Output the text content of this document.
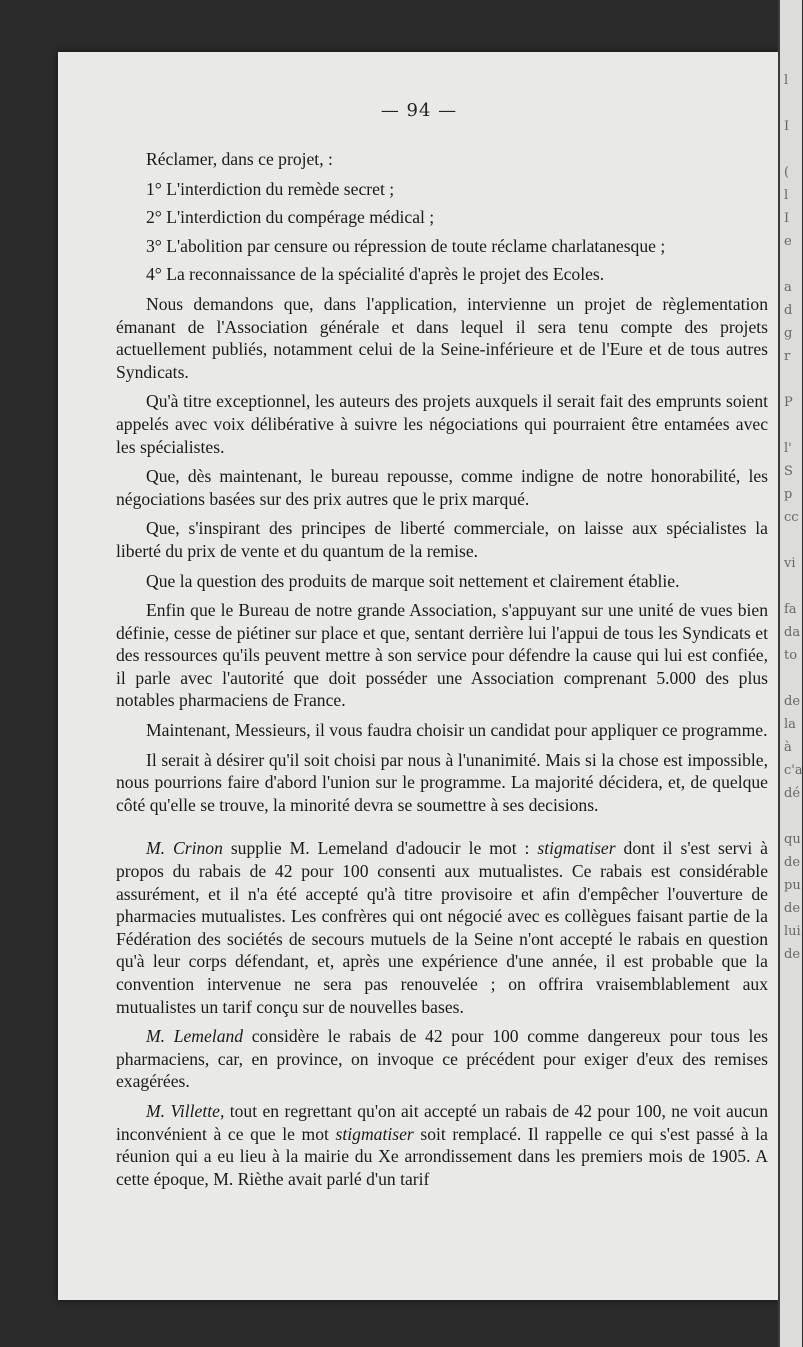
— 94 —

Réclamer, dans ce projet, :

1° L'interdiction du remède secret ;
2° L'interdiction du compérage médical ;
3° L'abolition par censure ou répression de toute réclame charlatanesque ;
4° La reconnaissance de la spécialité d'après le projet des Ecoles.

Nous demandons que, dans l'application, intervienne un projet de règlementation émanant de l'Association générale et dans lequel il sera tenu compte des projets actuellement publiés, notamment celui de la Seine-inférieure et de l'Eure et de tous autres Syndicats.

Qu'à titre exceptionnel, les auteurs des projets auxquels il serait fait des emprunts soient appelés avec voix délibérative à suivre les négociations qui pourraient être entamées avec les spécialistes.

Que, dès maintenant, le bureau repousse, comme indigne de notre honorabilité, les négociations basées sur des prix autres que le prix marqué.

Que, s'inspirant des principes de liberté commerciale, on laisse aux spécialistes la liberté du prix de vente et du quantum de la remise.

Que la question des produits de marque soit nettement et clairement établie.

Enfin que le Bureau de notre grande Association, s'appuyant sur une unité de vues bien définie, cesse de piétiner sur place et que, sentant derrière lui l'appui de tous les Syndicats et des ressources qu'ils peuvent mettre à son service pour défendre la cause qui lui est confiée, il parle avec l'autorité que doit posséder une Association comprenant 5.000 des plus notables pharmaciens de France.

Maintenant, Messieurs, il vous faudra choisir un candidat pour appliquer ce programme.

Il serait à désirer qu'il soit choisi par nous à l'unanimité. Mais si la chose est impossible, nous pourrions faire d'abord l'union sur le programme. La majorité décidera, et, de quelque côté qu'elle se trouve, la minorité devra se soumettre à ses decisions.

M. Crinon supplie M. Lemeland d'adoucir le mot : stigmatiser dont il s'est servi à propos du rabais de 42 pour 100 consenti aux mutualistes. Ce rabais est considérable assurément, et il n'a été accepté qu'à titre provisoire et afin d'empêcher l'ouverture de pharmacies mutualistes. Les confrères qui ont négocié avec es collègues faisant partie de la Fédération des sociétés de secours mutuels de la Seine n'ont accepté le rabais en question qu'à leur corps défendant, et, après une expérience d'une année, il est probable que la convention intervenue ne sera pas renouvelée ; on offrira vraisemblablement aux mutualistes un tarif conçu sur de nouvelles bases.

M. Lemeland considère le rabais de 42 pour 100 comme dangereux pour tous les pharmaciens, car, en province, on invoque ce précédent pour exiger d'eux des remises exagérées.

M. Villette, tout en regrettant qu'on ait accepté un rabais de 42 pour 100, ne voit aucun inconvénient à ce que le mot stigmatiser soit remplacé. Il rappelle ce qui s'est passé à la réunion qui a eu lieu à la mairie du Xe arrondissement dans les premiers mois de 1905. A cette époque, M. Rièthe avait parlé d'un tarif

l

I

(
l
I
e

a
d
g
r

P

l'
S
p
cc

vi

fa
da
to

de
la
à
c'a
dé

qu
de
pu
de
lui
de
